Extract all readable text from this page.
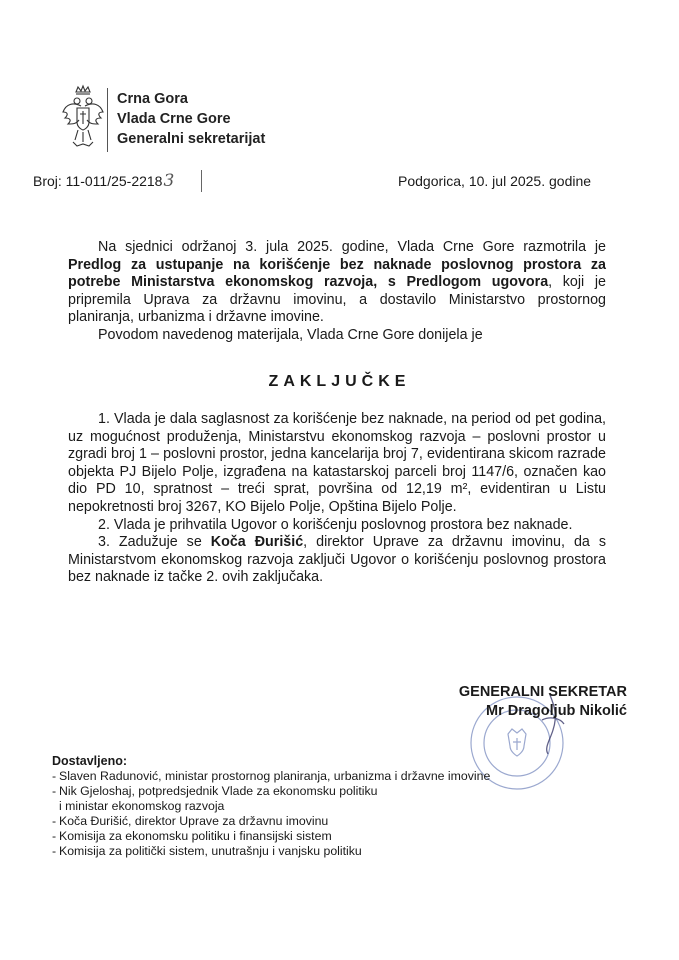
Crna Gora
Vlada Crne Gore
Generalni sekretarijat
Broj: 11-011/25-22183	Podgorica, 10. jul 2025. godine

Na sjednici održanoj 3. jula 2025. godine, Vlada Crne Gore razmotrila je Predlog za ustupanje na korišćenje bez naknade poslovnog prostora za potrebe Ministarstva ekonomskog razvoja, s Predlogom ugovora, koji je pripremila Uprava za državnu imovinu, a dostavilo Ministarstvo prostornog planiranja, urbanizma i državne imovine.

Povodom navedenog materijala, Vlada Crne Gore donijela je

ZAKLJUČKE

1. Vlada je dala saglasnost za korišćenje bez naknade, na period od pet godina, uz mogućnost produženja, Ministarstvu ekonomskog razvoja – poslovni prostor u zgradi broj 1 – poslovni prostor, jedna kancelarija broj 7, evidentirana skicom razrade objekta PJ Bijelo Polje, izgrađena na katastarskoj parceli broj 1147/6, označen kao dio PD 10, spratnost – treći sprat, površina od 12,19 m², evidentiran u Listu nepokretnosti broj 3267, KO Bijelo Polje, Opština Bijelo Polje.

2. Vlada je prihvatila Ugovor o korišćenju poslovnog prostora bez naknade.

3. Zadužuje se Koča Đurišić, direktor Uprave za državnu imovinu, da s Ministarstvom ekonomskog razvoja zaključi Ugovor o korišćenju poslovnog prostora bez naknade iz tačke 2. ovih zaključaka.

GENERALNI SEKRETAR
Mr Dragoljub Nikolić
Dostavljeno:
- Slaven Radunović, ministar prostornog planiranja, urbanizma i državne imovine
- Nik Gjeloshaj, potpredsjednik Vlade za ekonomsku politiku i ministar ekonomskog razvoja
- Koča Đurišić, direktor Uprave za državnu imovinu
- Komisija za ekonomsku politiku i finansijski sistem
- Komisija za politički sistem, unutrašnju i vanjsku politiku
